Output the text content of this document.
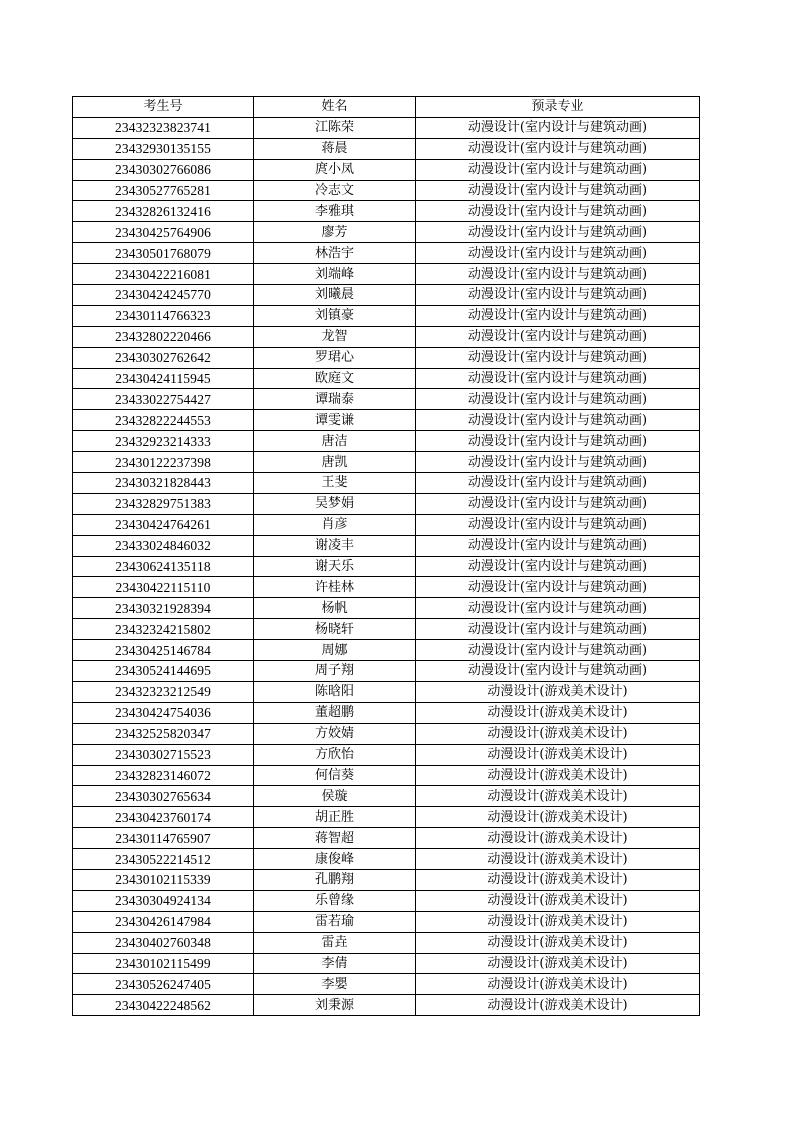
考生号	姓名	预录专业
23432323823741	江陈荣	动漫设计(室内设计与建筑动画)
23432930135155	蒋晨	动漫设计(室内设计与建筑动画)
23430302766086	庹小凤	动漫设计(室内设计与建筑动画)
23430527765281	冷志文	动漫设计(室内设计与建筑动画)
23432826132416	李雅琪	动漫设计(室内设计与建筑动画)
23430425764906	廖芳	动漫设计(室内设计与建筑动画)
23430501768079	林浩宇	动漫设计(室内设计与建筑动画)
23430422216081	刘端峰	动漫设计(室内设计与建筑动画)
23430424245770	刘曦晨	动漫设计(室内设计与建筑动画)
23430114766323	刘镇豪	动漫设计(室内设计与建筑动画)
23432802220466	龙智	动漫设计(室内设计与建筑动画)
23430302762642	罗珺心	动漫设计(室内设计与建筑动画)
23430424115945	欧庭文	动漫设计(室内设计与建筑动画)
23433022754427	谭瑞泰	动漫设计(室内设计与建筑动画)
23432822244553	谭雯谦	动漫设计(室内设计与建筑动画)
23432923214333	唐洁	动漫设计(室内设计与建筑动画)
23430122237398	唐凯	动漫设计(室内设计与建筑动画)
23430321828443	王斐	动漫设计(室内设计与建筑动画)
23432829751383	吴梦娟	动漫设计(室内设计与建筑动画)
23430424764261	肖彦	动漫设计(室内设计与建筑动画)
23433024846032	谢凌丰	动漫设计(室内设计与建筑动画)
23430624135118	谢天乐	动漫设计(室内设计与建筑动画)
23430422115110	许桂林	动漫设计(室内设计与建筑动画)
23430321928394	杨帆	动漫设计(室内设计与建筑动画)
23432324215802	杨晓轩	动漫设计(室内设计与建筑动画)
23430425146784	周娜	动漫设计(室内设计与建筑动画)
23430524144695	周子翔	动漫设计(室内设计与建筑动画)
23432323212549	陈晗阳	动漫设计(游戏美术设计)
23430424754036	董超鹏	动漫设计(游戏美术设计)
23432525820347	方姣婧	动漫设计(游戏美术设计)
23430302715523	方欣怡	动漫设计(游戏美术设计)
23432823146072	何信葵	动漫设计(游戏美术设计)
23430302765634	侯璇	动漫设计(游戏美术设计)
23430423760174	胡正胜	动漫设计(游戏美术设计)
23430114765907	蒋智超	动漫设计(游戏美术设计)
23430522214512	康俊峰	动漫设计(游戏美术设计)
23430102115339	孔鹏翔	动漫设计(游戏美术设计)
23430304924134	乐曾缘	动漫设计(游戏美术设计)
23430426147984	雷若瑜	动漫设计(游戏美术设计)
23430402760348	雷垚	动漫设计(游戏美术设计)
23430102115499	李倩	动漫设计(游戏美术设计)
23430526247405	李嬰	动漫设计(游戏美术设计)
23430422248562	刘秉源	动漫设计(游戏美术设计)
